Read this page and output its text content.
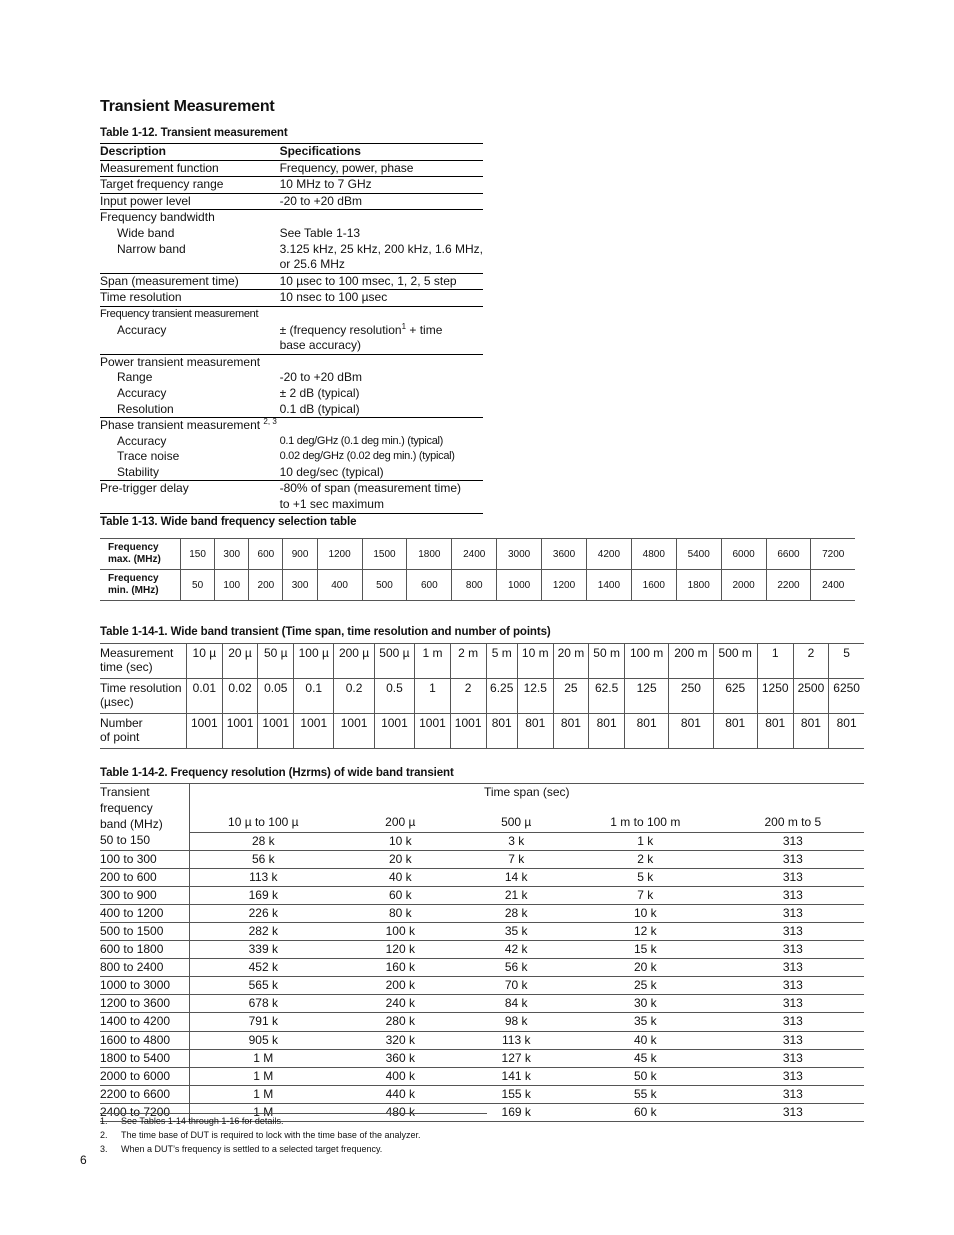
Transient Measurement
Table 1-12. Transient measurement
Description	Specifications
Measurement function	Frequency, power, phase
Target frequency range	10 MHz to 7 GHz
Input power level	-20 to +20 dBm
Frequency bandwidth	
Wide band	See Table 1-13
Narrow band	3.125 kHz, 25 kHz, 200 kHz, 1.6 MHz,
	or 25.6 MHz
Span (measurement time)	10 µsec to 100 msec, 1, 2, 5 step
Time resolution	10 nsec to 100 µsec
Frequency transient measurement	
Accuracy	± (frequency resolution$^1$ + time
	base accuracy)
Power transient measurement	
Range	-20 to +20 dBm
Accuracy	± 2 dB (typical)
Resolution	0.1 dB (typical)
Phase transient measurement $^{2, 3}$	
Accuracy	0.1 deg/GHz (0.1 deg min.) (typical)
Trace noise	0.02 deg/GHz (0.02 deg min.) (typical)
Stability	10 deg/sec (typical)
Pre-trigger delay	-80% of span (measurement time)
	to +1 sec maximum
Table 1-13. Wide band frequency selection table
Frequency
max. (MHz)	150	300	600	900	1200	1500	1800	2400	3000	3600	4200	4800	5400	6000	6600	7200

Frequency
min. (MHz)	50	100	200	300	400	500	600	800	1000	1200	1400	1600	1800	2000	2200	2400
Table 1-14-1. Wide band transient (Time span, time resolution and number of points)
Measurement
time (sec)	10 µ	20 µ	50 µ	100 µ	200 µ	500 µ	1 m	2 m	5 m	10 m	20 m	50 m	100 m	200 m	500 m	1	2	5

Time resolution
(µsec)	0.01	0.02	0.05	0.1	0.2	0.5	1	2	6.25	12.5	25	62.5	125	250	625	1250	2500	6250

Number
of point	1001	1001	1001	1001	1001	1001	1001	1001	801	801	801	801	801	801	801	801	801	801
Table 1-14-2. Frequency resolution (Hzrms) of wide band transient
Transient
frequency
band (MHz)	Time span (sec)				
	10 µ to 100 µ	200 µ	500 µ	1 m to 100 m	200 m to 5
50 to 150	28 k	10 k	3 k	1 k	313
100 to 300	56 k	20 k	7 k	2 k	313
200 to 600	113 k	40 k	14 k	5 k	313
300 to 900	169 k	60 k	21 k	7 k	313
400 to 1200	226 k	80 k	28 k	10 k	313
500 to 1500	282 k	100 k	35 k	12 k	313
600 to 1800	339 k	120 k	42 k	15 k	313
800 to 2400	452 k	160 k	56 k	20 k	313
1000 to 3000	565 k	200 k	70 k	25 k	313
1200 to 3600	678 k	240 k	84 k	30 k	313
1400 to 4200	791 k	280 k	98 k	35 k	313
1600 to 4800	905 k	320 k	113 k	40 k	313
1800 to 5400	1 M	360 k	127 k	45 k	313
2000 to 6000	1 M	400 k	141 k	50 k	313
2200 to 6600	1 M	440 k	155 k	55 k	313
2400 to 7200	1 M	480 k	169 k	60 k	313
1. See Tables 1-14 through 1-16 for details.
2. The time base of DUT is required to lock with the time base of the analyzer.
3. When a DUT’s frequency is settled to a selected target frequency.
6
